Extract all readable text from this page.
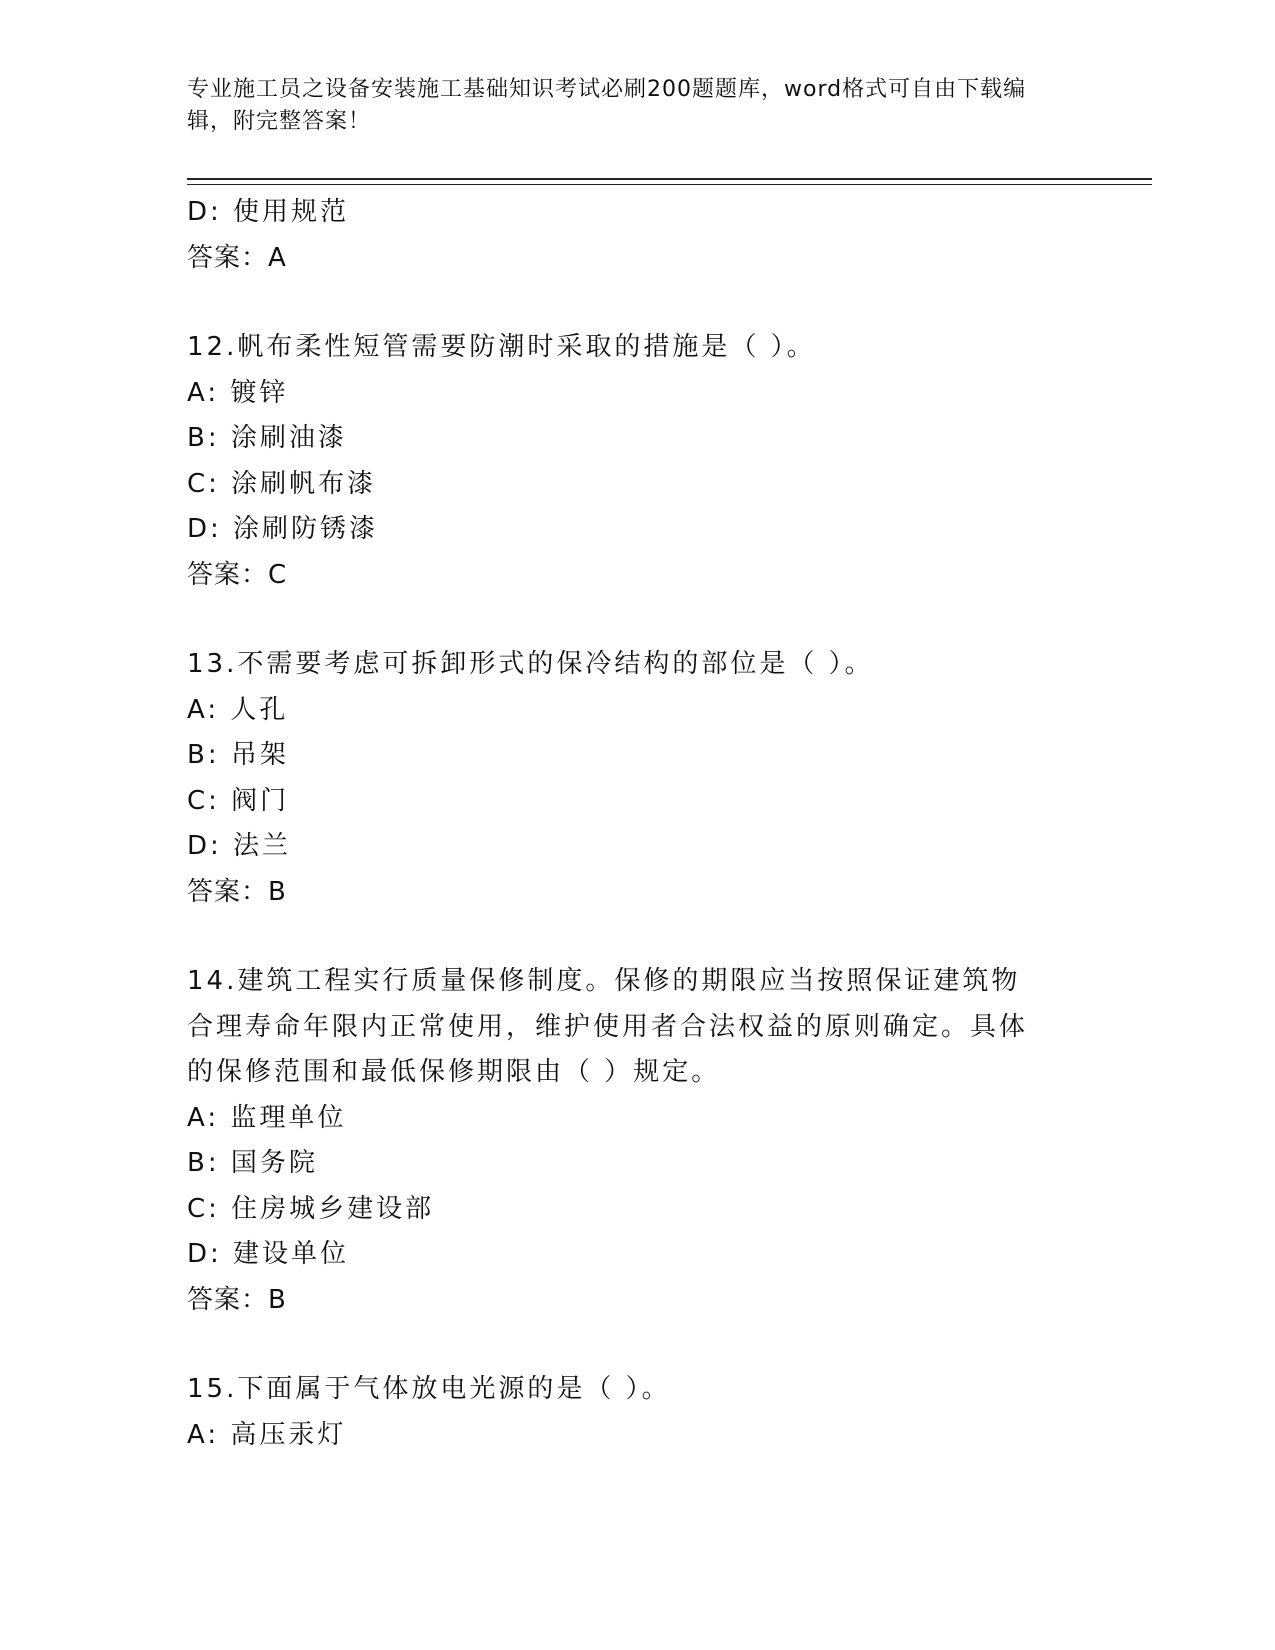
专业施工员之设备安装施工基础知识考试必刷200题题库，word格式可自由下载编辑，附完整答案！
D: 使用规范
答案：A
12.帆布柔性短管需要防潮时采取的措施是（ ）。
A: 镀锌
B: 涂刷油漆
C: 涂刷帆布漆
D: 涂刷防锈漆
答案：C
13.不需要考虑可拆卸形式的保冷结构的部位是（ ）。
A: 人孔
B: 吊架
C: 阀门
D: 法兰
答案：B
14.建筑工程实行质量保修制度。保修的期限应当按照保证建筑物合理寿命年限内正常使用，维护使用者合法权益的原则确定。具体的保修范围和最低保修期限由（ ）规定。
A: 监理单位
B: 国务院
C: 住房城乡建设部
D: 建设单位
答案：B
15.下面属于气体放电光源的是（ ）。
A: 高压汞灯
